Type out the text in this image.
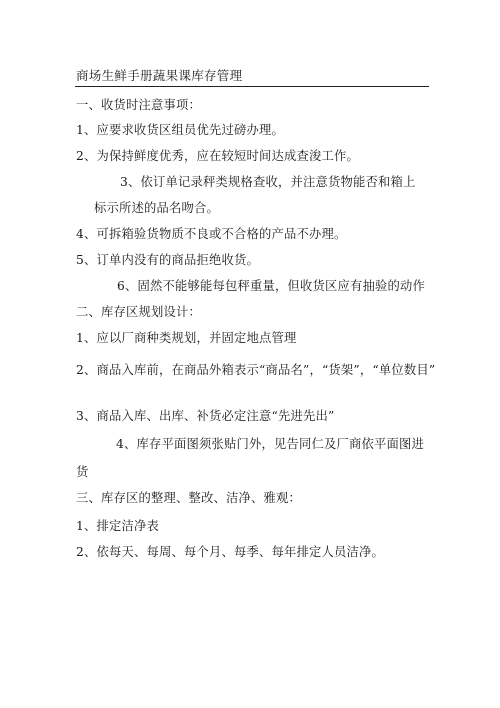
商场生鲜手册蔬果课库存管理
一、收货时注意事项：
1、应要求收货区组员优先过磅办理。
2、为保持鲜度优秀，应在较短时间达成查浚工作。
3、依订单记录秤类规格查收，并注意货物能否和箱上
标示所述的品名吻合。
4、可拆箱验货物质不良或不合格的产品不办理。
5、订单内没有的商品拒绝收货。
6、固然不能够能每包秤重量，但收货区应有抽验的动作
二、库存区规划设计：
1、应以厂商种类规划，并固定地点管理
2、商品入库前，在商品外箱表示“商品名”，“货架”，“单位数目”
3、商品入库、出库、补货必定注意“先进先出”
4、库存平面图须张贴门外，见告同仁及厂商依平面图进
货
三、库存区的整理、整改、洁净、雅观：
1、排定洁净表
2、依每天、每周、每个月、每季、每年排定人员洁净。
